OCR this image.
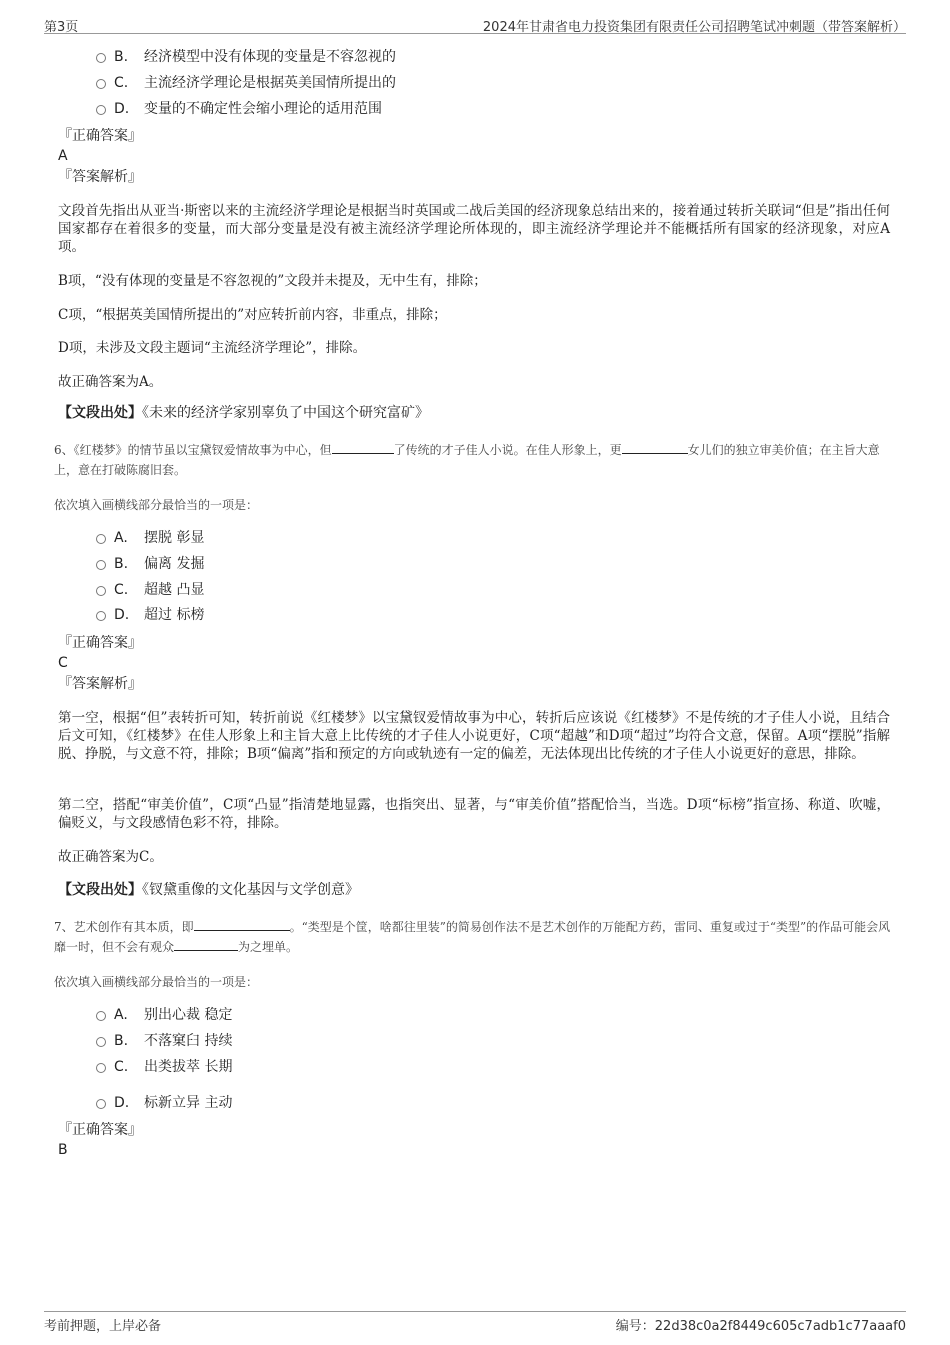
第3页	2024年甘肃省电力投资集团有限责任公司招聘笔试冲刺题（带答案解析）
B. 经济模型中没有体现的变量是不容忽视的
C. 主流经济学理论是根据英美国情所提出的
D. 变量的不确定性会缩小理论的适用范围
『正确答案』
A
『答案解析』
文段首先指出从亚当·斯密以来的主流经济学理论是根据当时英国或二战后美国的经济现象总结出来的，接着通过转折关联词“但是”指出任何国家都存在着很多的变量，而大部分变量是没有被主流经济学理论所体现的，即主流经济学理论并不能概括所有国家的经济现象，对应A项。
B项，“没有体现的变量是不容忽视的”文段并未提及，无中生有，排除；
C项，“根据英美国情所提出的”对应转折前内容，非重点，排除；
D项，未涉及文段主题词“主流经济学理论”，排除。
故正确答案为A。
【文段出处】《未来的经济学家别辜负了中国这个研究富矿》
6、《红楼梦》的情节虽以宝黛钗爱情故事为中心，但	了传统的才子佳人小说。在佳人形象上，更	女儿们的独立审美价值；在主旨大意上，意在打破陈腐旧套。
依次填入画横线部分最恰当的一项是：
A. 摆脱 彰显
B. 偏离 发掘
C. 超越 凸显
D. 超过 标榜
『正确答案』
C
『答案解析』
第一空，根据“但”表转折可知，转折前说《红楼梦》以宝黛钗爱情故事为中心，转折后应该说《红楼梦》不是传统的才子佳人小说，且结合后文可知，《红楼梦》在佳人形象上和主旨大意上比传统的才子佳人小说更好，C项“超越”和D项“超过”均符合文意，保留。A项“摆脱”指解脱、挣脱，与文意不符，排除；B项“偏离”指和预定的方向或轨迹有一定的偏差，无法体现出比传统的才子佳人小说更好的意思，排除。
第二空，搭配“审美价值”，C项“凸显”指清楚地显露，也指突出、显著，与“审美价值”搭配恰当，当选。D项“标榜”指宣扬、称道、吹嘘，偏贬义，与文段感情色彩不符，排除。
故正确答案为C。
【文段出处】《钗黛重像的文化基因与文学创意》
7、艺术创作有其本质，即	。“类型是个筐，啥都往里装”的简易创作法不是艺术创作的万能配方药，雷同、重复或过于“类型”的作品可能会风靡一时，但不会有观众	为之埋单。
依次填入画横线部分最恰当的一项是：
A. 别出心裁 稳定
B. 不落窠臼 持续
C. 出类拔萃 长期
D. 标新立异 主动
『正确答案』
B
考前押题，上岸必备	编号：22d38c0a2f8449c605c7adb1c77aaaf0
